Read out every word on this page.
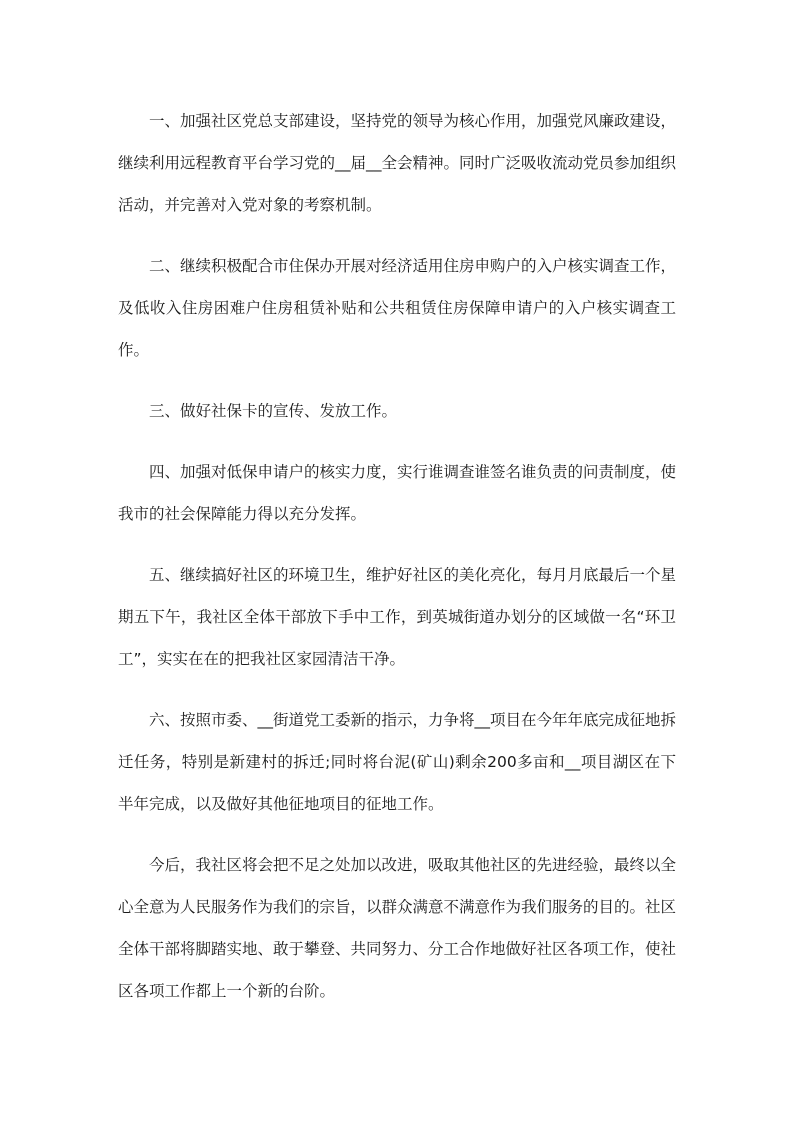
一、加强社区党总支部建设，坚持党的领导为核心作用，加强党风廉政建设，继续利用远程教育平台学习党的__届__全会精神。同时广泛吸收流动党员参加组织活动，并完善对入党对象的考察机制。

二、继续积极配合市住保办开展对经济适用住房申购户的入户核实调查工作，及低收入住房困难户住房租赁补贴和公共租赁住房保障申请户的入户核实调查工作。

三、做好社保卡的宣传、发放工作。

四、加强对低保申请户的核实力度，实行谁调查谁签名谁负责的问责制度，使我市的社会保障能力得以充分发挥。

五、继续搞好社区的环境卫生，维护好社区的美化亮化，每月月底最后一个星期五下午，我社区全体干部放下手中工作，到英城街道办划分的区域做一名“环卫工”，实实在在的把我社区家园清洁干净。

六、按照市委、__街道党工委新的指示，力争将__项目在今年年底完成征地拆迁任务，特别是新建村的拆迁;同时将台泥(矿山)剩余200多亩和__项目湖区在下半年完成，以及做好其他征地项目的征地工作。

今后，我社区将会把不足之处加以改进，吸取其他社区的先进经验，最终以全心全意为人民服务作为我们的宗旨，以群众满意不满意作为我们服务的目的。社区全体干部将脚踏实地、敢于攀登、共同努力、分工合作地做好社区各项工作，使社区各项工作都上一个新的台阶。
